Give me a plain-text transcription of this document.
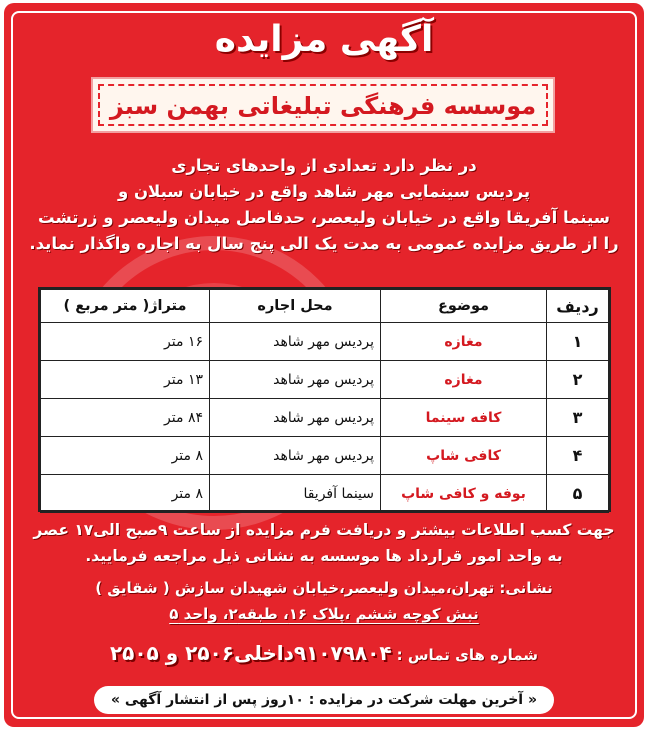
آگهی مزایده
موسسه فرهنگی تبلیغاتی بهمن سبز
در نظر دارد تعدادی از واحدهای تجاری
پردیس سینمایی مهر شاهد واقع در خیابان سبلان و
سینما آفریقا واقع در خیابان ولیعصر، حدفاصل میدان ولیعصر و زرتشت
را از طریق مزایده عمومی به مدت یک الی پنج سال به اجاره واگذار نماید.
ردیف	موضوع	محل اجاره	متراژ( متر مربع )
۱	مغازه	پردیس مهر شاهد	۱۶ متر
۲	مغازه	پردیس مهر شاهد	۱۳ متر
۳	کافه سینما	پردیس مهر شاهد	۸۴ متر
۴	کافی شاپ	پردیس مهر شاهد	۸ متر
۵	بوفه و کافی شاپ	سینما آفریقا	۸ متر
جهت کسب اطلاعات بیشتر و دریافت فرم مزایده از ساعت ۹صبح الی۱۷ عصر
به واحد امور قرارداد ها موسسه به نشانی ذیل مراجعه فرمایید.
نشانی: تهران،میدان ولیعصر،خیابان شهیدان سازش ( شقایق )
نبش کوچه ششم ،پلاک ۱۶، طبقه۲، واحد ۵
شماره های تماس : ۹۱۰۷۹۸۰۴داخلی۲۵۰۶ و ۲۵۰۵
« آخرین مهلت شرکت در مزایده : ۱۰روز پس از انتشار آگهی »
